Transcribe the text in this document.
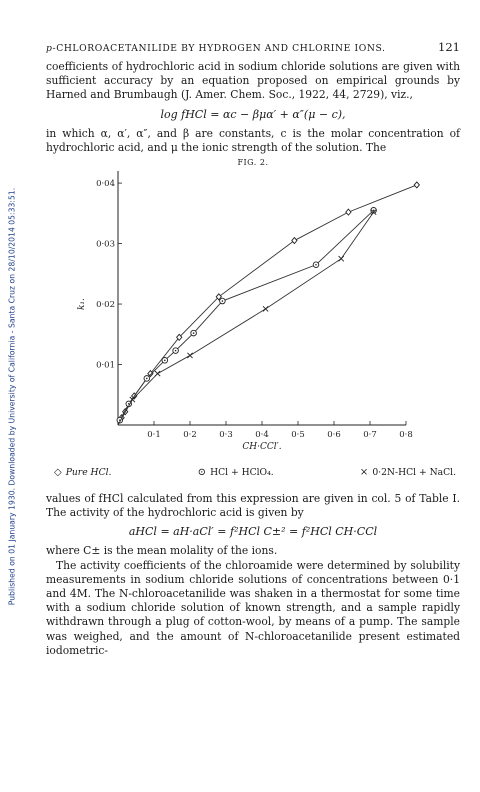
Published on 01 January 1930. Downloaded by University of California - Santa Cruz on 28/10/2014 05:33:51.
p-CHLOROACETANILIDE BY HYDROGEN AND CHLORINE IONS.	121

coefficients of hydrochloric acid in sodium chloride solutions are given with sufficient accuracy by an equation proposed on empirical grounds by Harned and Brumbaugh (J. Amer. Chem. Soc., 1922, 44, 2729), viz.,

log fHCl = αc − βμα′ + α″(μ − c),

in which α, α′, α″, and β are constants, c is the molar concentration of hydrochloric acid, and μ the ionic strength of the solution. The

FIG. 2.
0·1	0·2	0·3	0·4	0·5	0·6	0·7	0·8
0·01
0·02
0·03
0·04
CH·CCl′.
k₁.
◇ Pure HCl.	⊙ HCl + HClO₄.	× 0·2N-HCl + NaCl.

values of fHCl calculated from this expression are given in col. 5 of Table I. The activity of the hydrochloric acid is given by

aHCl = aH·aCl′ = f²HCl C±² = f²HCl CH·CCl

where C± is the mean molality of the ions.

The activity coefficients of the chloroamide were determined by solubility measurements in sodium chloride solutions of concentrations between 0·1 and 4M. The N-chloroacetanilide was shaken in a thermostat for some time with a sodium chloride solution of known strength, and a sample rapidly withdrawn through a plug of cotton-wool, by means of a pump. The sample was weighed, and the amount of N-chloroacetanilide present estimated iodometric-
